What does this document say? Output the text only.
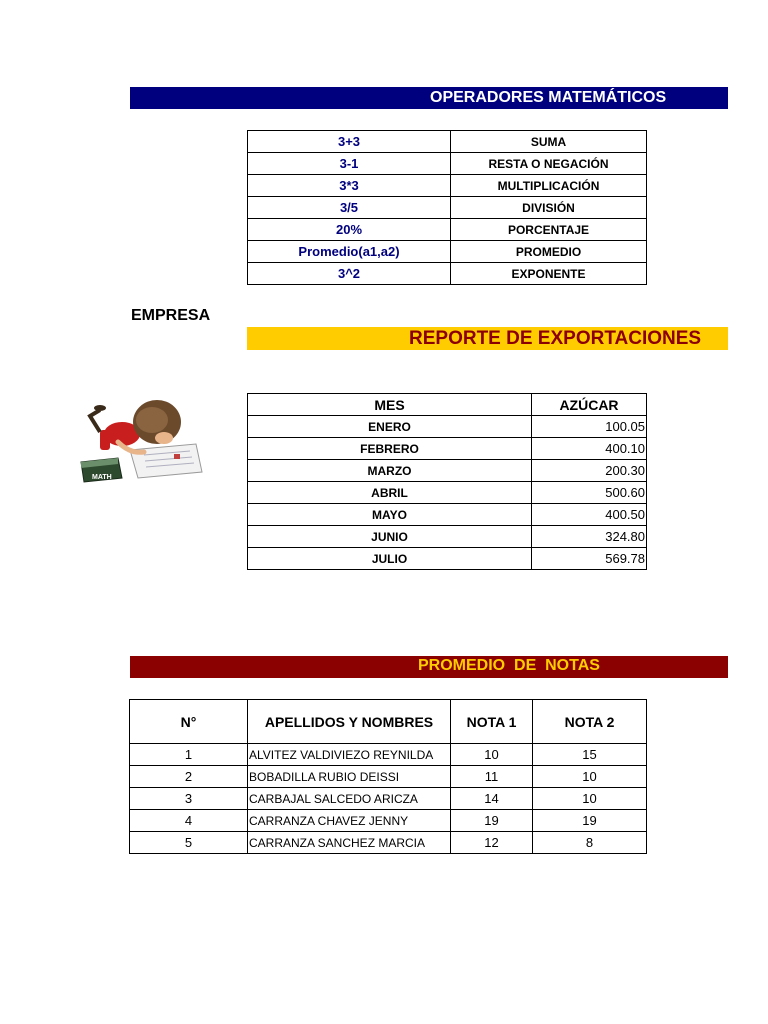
OPERADORES MATEMÁTICOS
3+3	SUMA
3-1	RESTA O NEGACIÓN
3*3	MULTIPLICACIÓN
3/5	DIVISIÓN
20%	PORCENTAJE
Promedio(a1,a2)	PROMEDIO
3^2	EXPONENTE
EMPRESA
REPORTE DE EXPORTACIONES
MATH
MES	AZÚCAR
ENERO	100.05
FEBRERO	400.10
MARZO	200.30
ABRIL	500.60
MAYO	400.50
JUNIO	324.80
JULIO	569.78
PROMEDIO  DE  NOTAS
N°	APELLIDOS Y NOMBRES	NOTA 1	NOTA 2
1	ALVITEZ VALDIVIEZO REYNILDA	10	15
2	BOBADILLA RUBIO DEISSI	11	10
3	CARBAJAL SALCEDO ARICZA	14	10
4	CARRANZA CHAVEZ JENNY	19	19
5	CARRANZA SANCHEZ MARCIA	12	8
